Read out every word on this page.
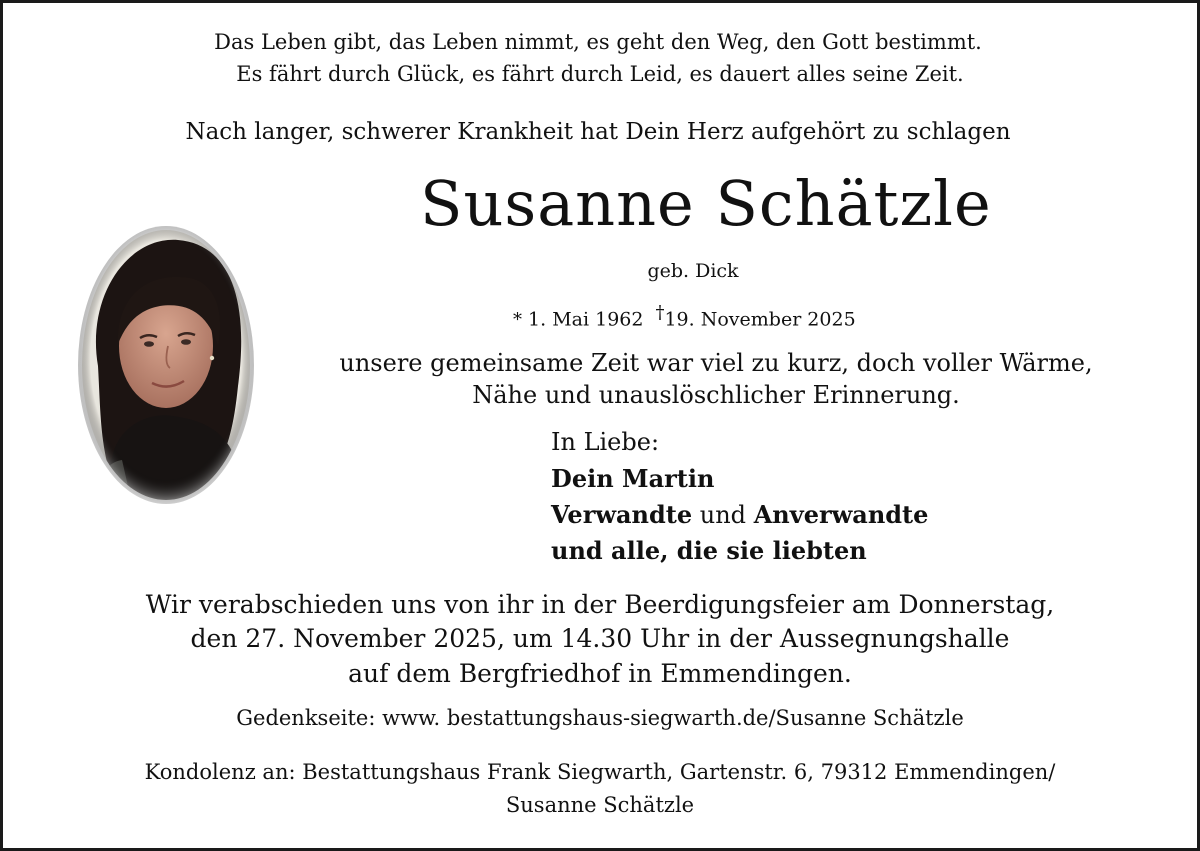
Das Leben gibt, das Leben nimmt, es geht den Weg, den Gott bestimmt.
Es fährt durch Glück, es fährt durch Leid, es dauert alles seine Zeit.
Nach langer, schwerer Krankheit hat Dein Herz aufgehört zu schlagen
Susanne Schätzle
geb. Dick
* 1. Mai 1962 †19. November 2025
unsere gemeinsame Zeit war viel zu kurz, doch voller Wärme,
Nähe und unauslöschlicher Erinnerung.
In Liebe:
Dein Martin
Verwandte und Anverwandte
und alle, die sie liebten
Wir verabschieden uns von ihr in der Beerdigungsfeier am Donnerstag,
den 27. November 2025, um 14.30 Uhr in der Aussegnungshalle
auf dem Bergfriedhof in Emmendingen.
Gedenkseite: www. bestattungshaus-siegwarth.de/Susanne Schätzle
Kondolenz an: Bestattungshaus Frank Siegwarth, Gartenstr. 6, 79312 Emmendingen/
Susanne Schätzle
